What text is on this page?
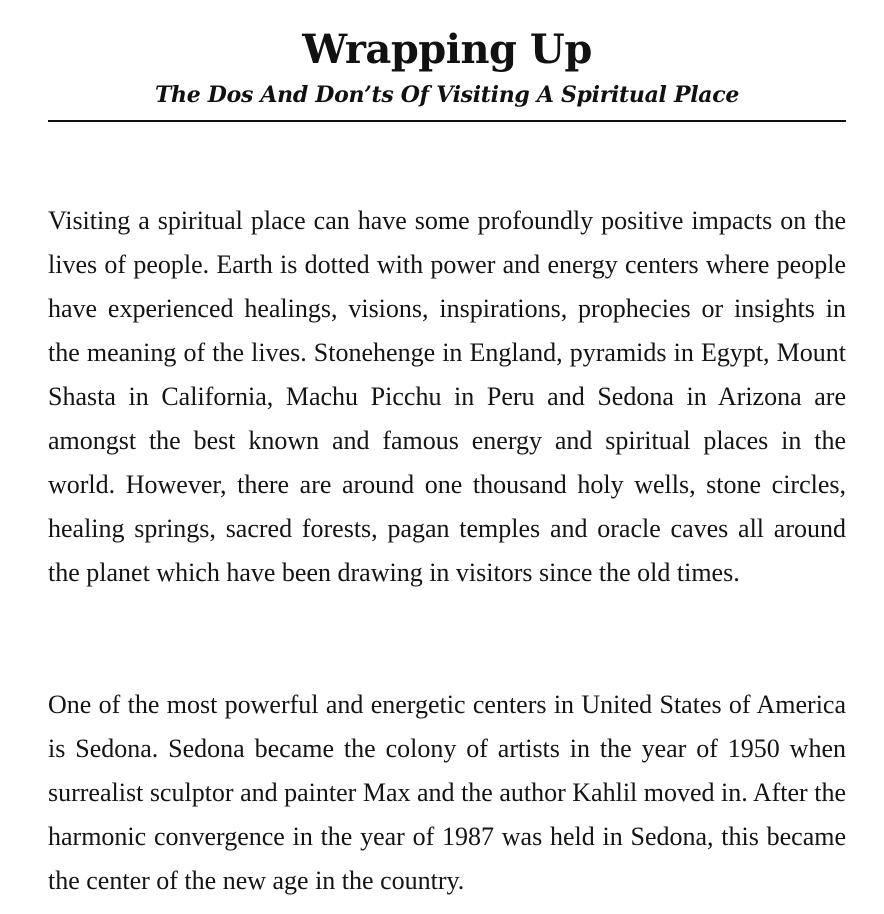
Wrapping Up
The Dos And Don’ts Of Visiting A Spiritual Place

Visiting a spiritual place can have some profoundly positive impacts on the lives of people. Earth is dotted with power and energy centers where people have experienced healings, visions, inspirations, prophecies or insights in the meaning of the lives. Stonehenge in England, pyramids in Egypt, Mount Shasta in California, Machu Picchu in Peru and Sedona in Arizona are amongst the best known and famous energy and spiritual places in the world. However, there are around one thousand holy wells, stone circles, healing springs, sacred forests, pagan temples and oracle caves all around the planet which have been drawing in visitors since the old times.

One of the most powerful and energetic centers in United States of America is Sedona. Sedona became the colony of artists in the year of 1950 when surrealist sculptor and painter Max and the author Kahlil moved in. After the harmonic convergence in the year of 1987 was held in Sedona, this became the center of the new age in the country.
